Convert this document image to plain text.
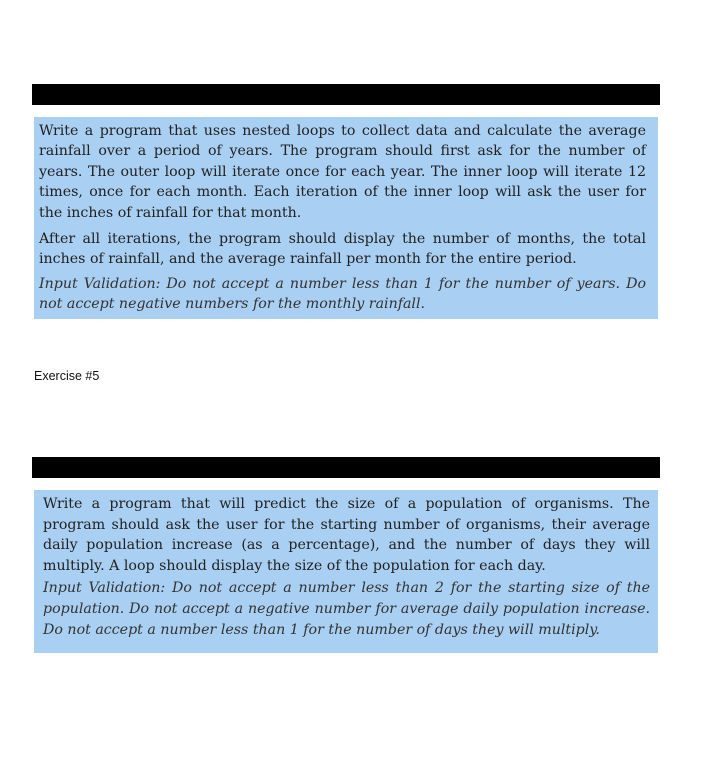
Write a program that uses nested loops to collect data and calculate the average rainfall over a period of years. The program should first ask for the number of years. The outer loop will iterate once for each year. The inner loop will iterate 12 times, once for each month. Each iteration of the inner loop will ask the user for the inches of rainfall for that month.

After all iterations, the program should display the number of months, the total inches of rainfall, and the average rainfall per month for the entire period.

Input Validation: Do not accept a number less than 1 for the number of years. Do not accept negative numbers for the monthly rainfall.

Exercise #5

Write a program that will predict the size of a population of organisms. The program should ask the user for the starting number of organisms, their average daily population increase (as a percentage), and the number of days they will multiply. A loop should display the size of the population for each day.

Input Validation: Do not accept a number less than 2 for the starting size of the population. Do not accept a negative number for average daily population increase. Do not accept a number less than 1 for the number of days they will multiply.
